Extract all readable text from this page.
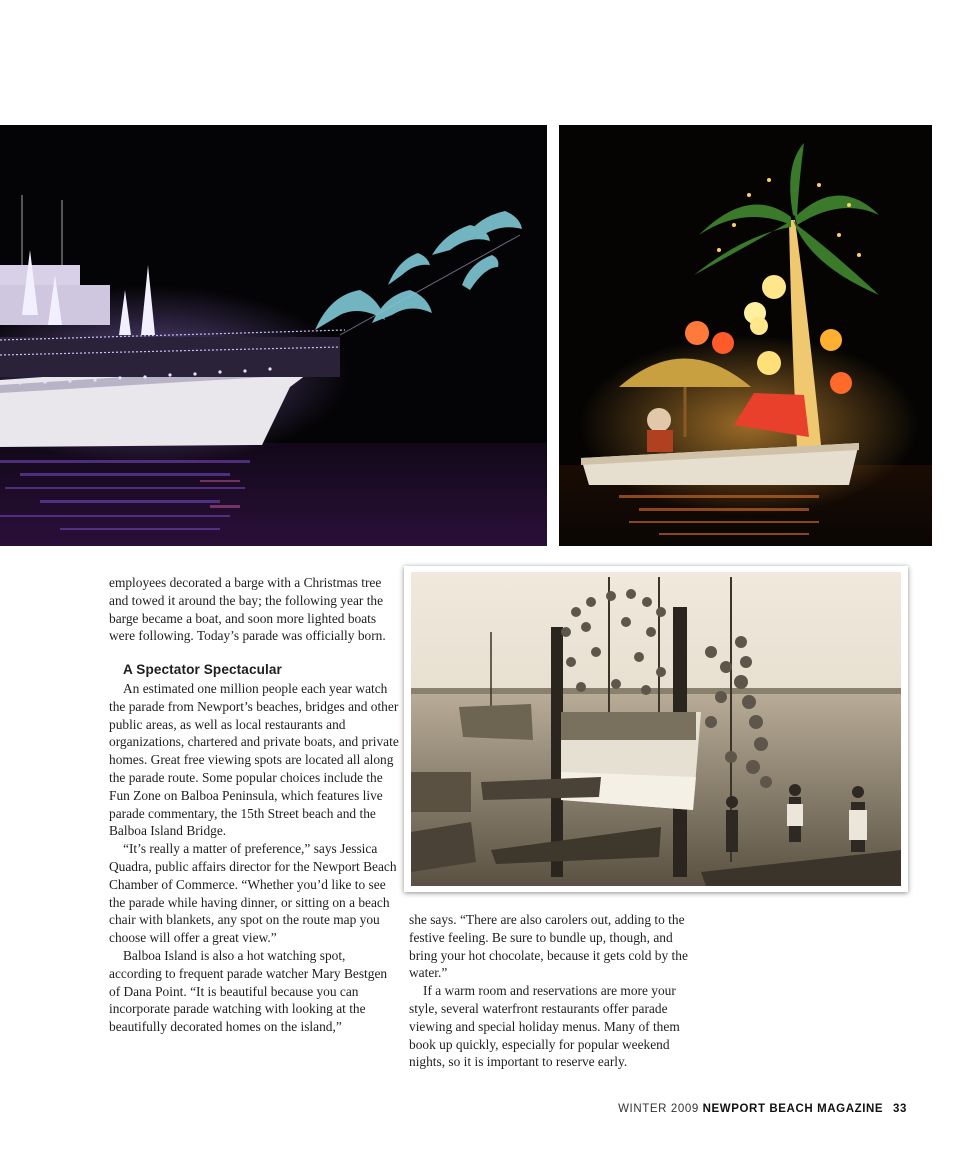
employees decorated a barge with a Christmas tree and towed it around the bay; the following year the barge became a boat, and soon more lighted boats were following. Today’s parade was officially born.

A Spectator Spectacular

An estimated one million people each year watch the parade from Newport’s beaches, bridges and other public areas, as well as local restaurants and organizations, chartered and private boats, and private homes. Great free viewing spots are located all along the parade route. Some popular choices include the Fun Zone on Balboa Peninsula, which features live parade commentary, the 15th Street beach and the Balboa Island Bridge.

“It’s really a matter of preference,” says Jessica Quadra, public affairs director for the Newport Beach Chamber of Commerce. “Whether you’d like to see the parade while having dinner, or sitting on a beach chair with blankets, any spot on the route map you choose will offer a great view.”

Balboa Island is also a hot watching spot, according to frequent parade watcher Mary Bestgen of Dana Point. “It is beautiful because you can incorporate parade watching with looking at the beautifully decorated homes on the island,”

she says. “There are also carolers out, adding to the festive feeling. Be sure to bundle up, though, and bring your hot chocolate, because it gets cold by the water.”

If a warm room and reservations are more your style, several waterfront restaurants offer parade viewing and special holiday menus. Many of them book up quickly, especially for popular weekend nights, so it is important to reserve early.

WINTER 2009 NEWPORT BEACH MAGAZINE 33
